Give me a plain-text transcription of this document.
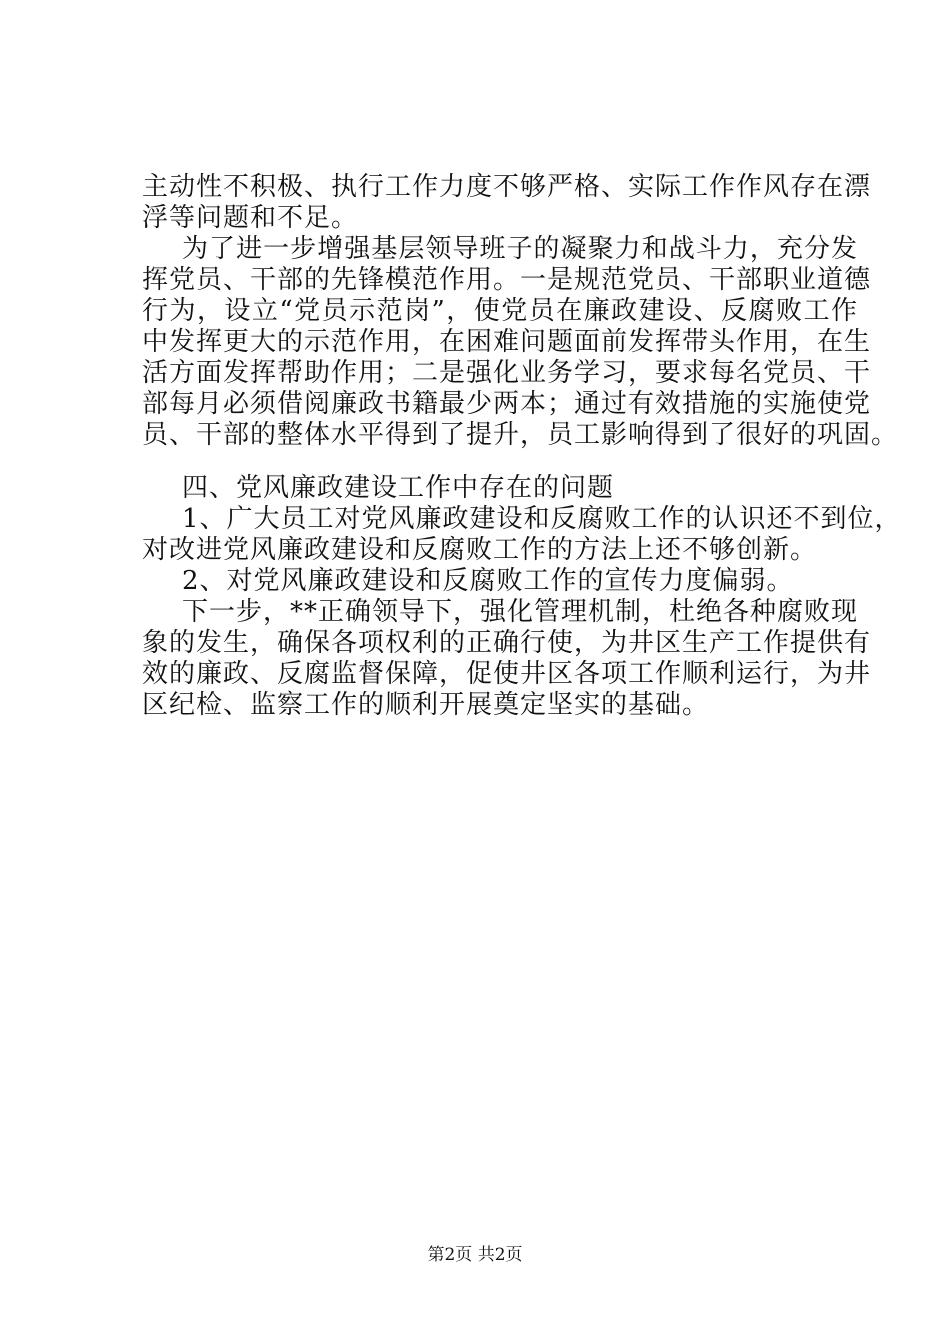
主动性不积极、执行工作力度不够严格、实际工作作风存在漂
浮等问题和不足。
为了进一步增强基层领导班子的凝聚力和战斗力，充分发
挥党员、干部的先锋模范作用。一是规范党员、干部职业道德
行为，设立“党员示范岗”，使党员在廉政建设、反腐败工作
中发挥更大的示范作用，在困难问题面前发挥带头作用，在生
活方面发挥帮助作用；二是强化业务学习，要求每名党员、干
部每月必须借阅廉政书籍最少两本；通过有效措施的实施使党
员、干部的整体水平得到了提升，员工影响得到了很好的巩固。
四、党风廉政建设工作中存在的问题
1、广大员工对党风廉政建设和反腐败工作的认识还不到位，
对改进党风廉政建设和反腐败工作的方法上还不够创新。
2、对党风廉政建设和反腐败工作的宣传力度偏弱。
下一步，**正确领导下，强化管理机制，杜绝各种腐败现
象的发生，确保各项权利的正确行使，为井区生产工作提供有
效的廉政、反腐监督保障，促使井区各项工作顺利运行，为井
区纪检、监察工作的顺利开展奠定坚实的基础。
第2页 共2页
